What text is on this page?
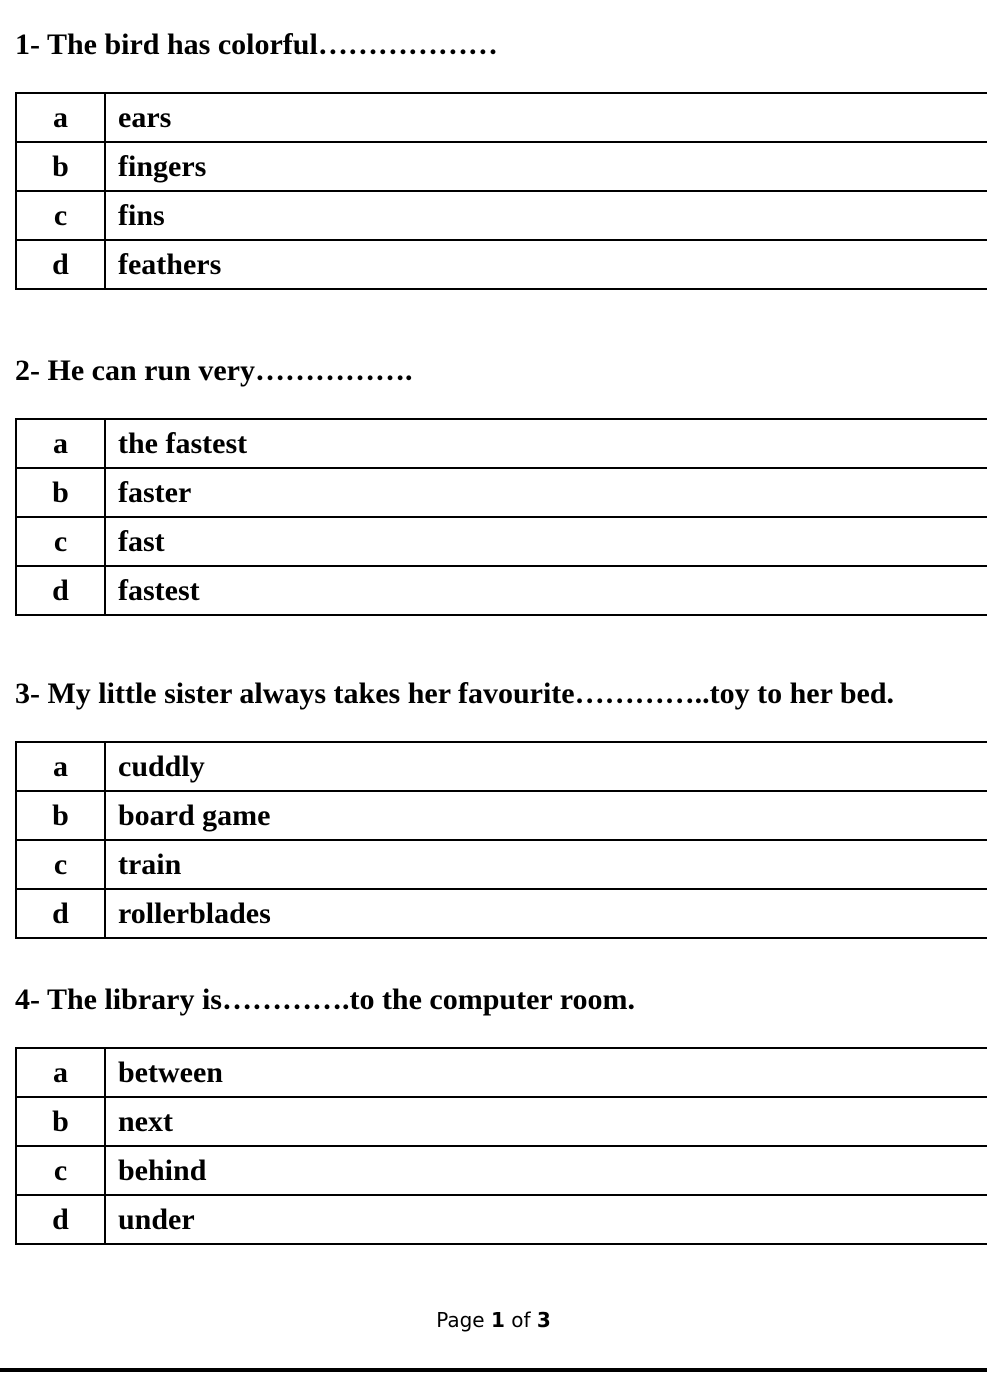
1- The bird has colorful………………

a	ears
b	fingers
c	fins
d	feathers

2- He can run very…………….

a	the fastest
b	faster
c	fast
d	fastest

3- My little sister always takes her favourite…………..toy to her bed.

a	cuddly
b	board game
c	train
d	rollerblades

4- The library is………….to the computer room.

a	between
b	next
c	behind
d	under
Page 1 of 3
